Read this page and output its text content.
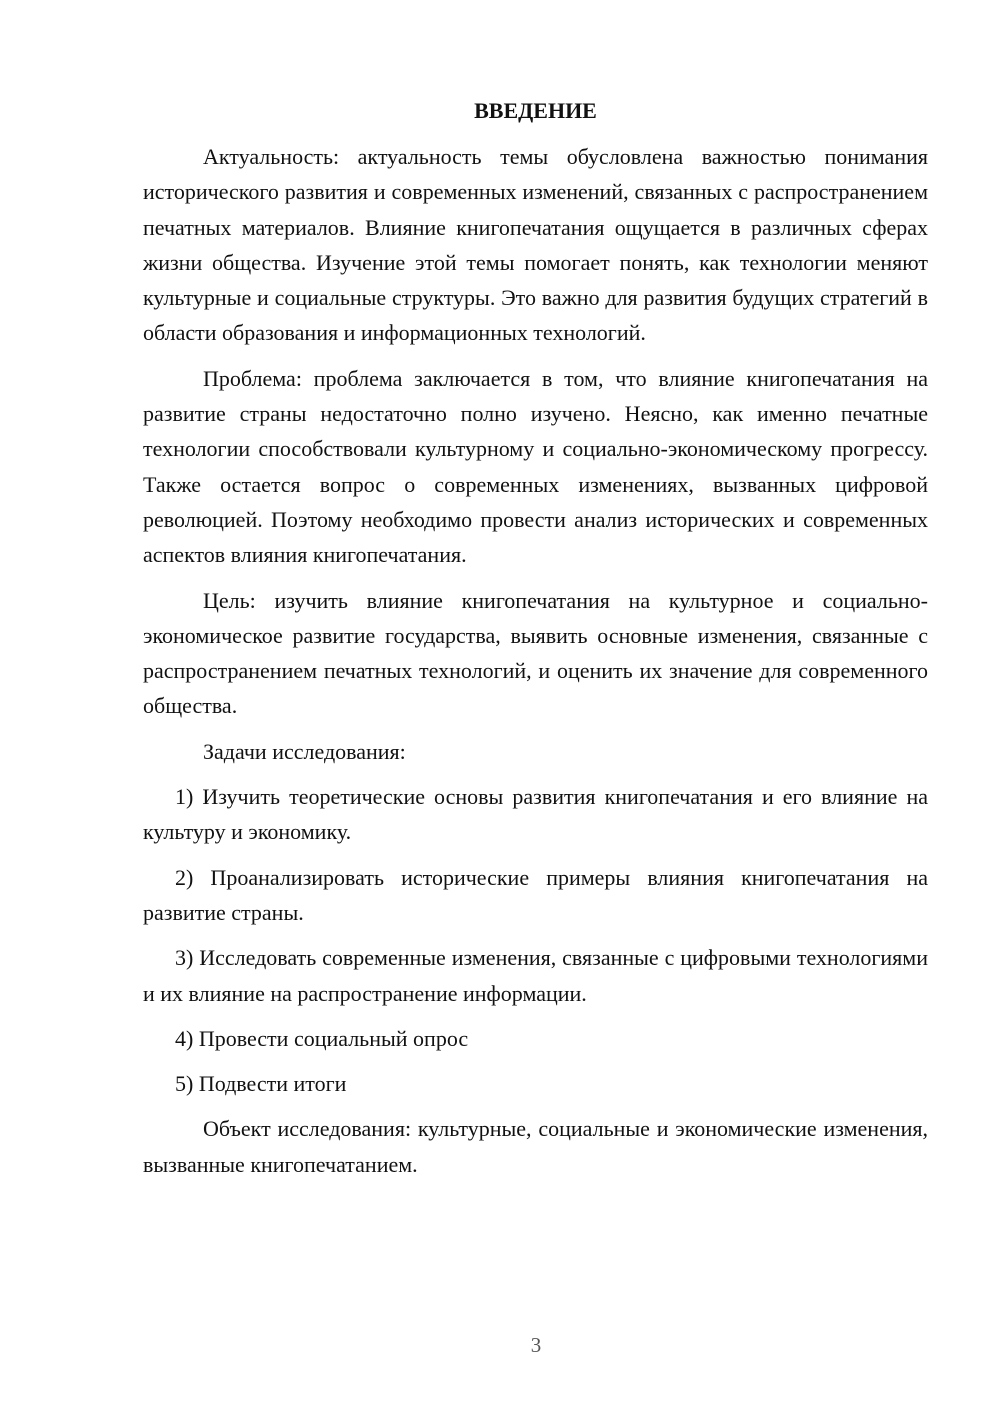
ВВЕДЕНИЕ

Актуальность: актуальность темы обусловлена важностью понимания исторического развития и современных изменений, связанных с распространением печатных материалов. Влияние книгопечатания ощущается в различных сферах жизни общества. Изучение этой темы помогает понять, как технологии меняют культурные и социальные структуры. Это важно для развития будущих стратегий в области образования и информационных технологий.

Проблема: проблема заключается в том, что влияние книгопечатания на развитие страны недостаточно полно изучено. Неясно, как именно печатные технологии способствовали культурному и социально-экономическому прогрессу. Также остается вопрос о современных изменениях, вызванных цифровой революцией. Поэтому необходимо провести анализ исторических и современных аспектов влияния книгопечатания.

Цель: изучить влияние книгопечатания на культурное и социально-экономическое развитие государства, выявить основные изменения, связанные с распространением печатных технологий, и оценить их значение для современного общества.

Задачи исследования:

1) Изучить теоретические основы развития книгопечатания и его влияние на культуру и экономику.

2) Проанализировать исторические примеры влияния книгопечатания на развитие страны.

3) Исследовать современные изменения, связанные с цифровыми технологиями и их влияние на распространение информации.

4) Провести социальный опрос

5) Подвести итоги

Объект исследования: культурные, социальные и экономические изменения, вызванные книгопечатанием.

3
